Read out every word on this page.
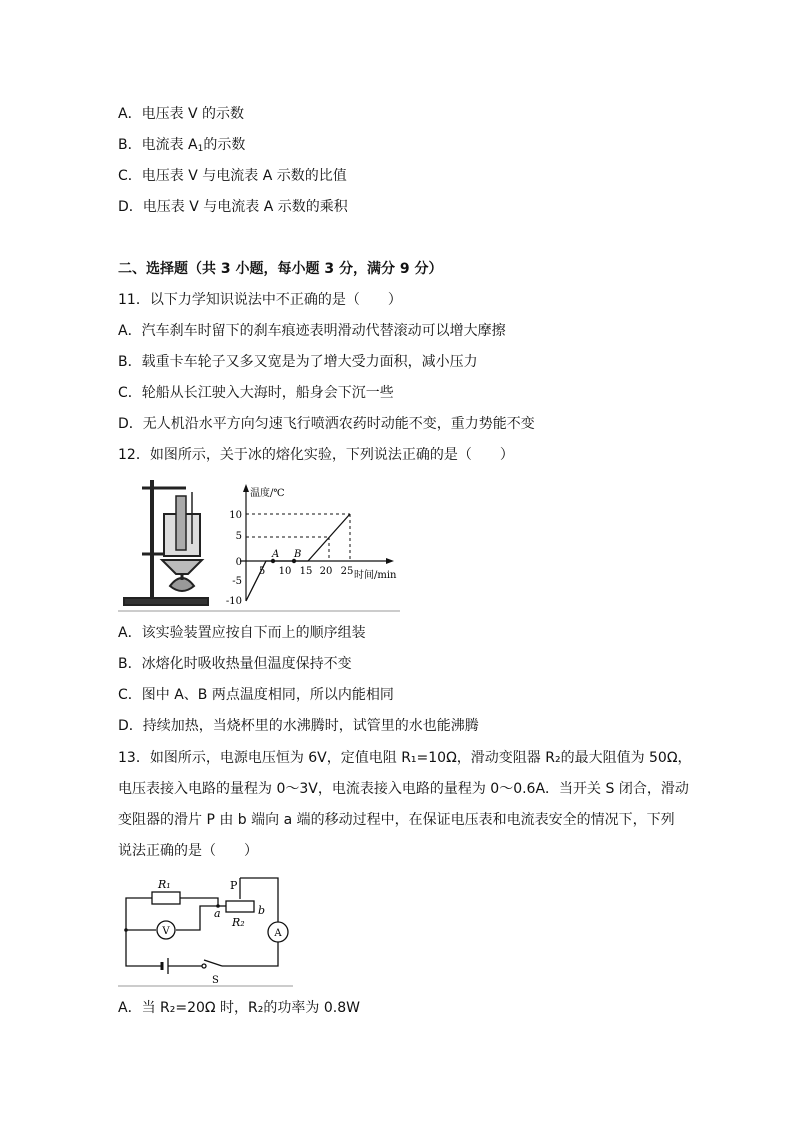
A．电压表 V 的示数
B．电流表 $A_1$的示数
C．电压表 V 与电流表 A 示数的比值
D．电压表 V 与电流表 A 示数的乘积
二、选择题（共 3 小题，每小题 3 分，满分 9 分）
11．以下力学知识说法中不正确的是（　　）
A．汽车刹车时留下的刹车痕迹表明滑动代替滚动可以增大摩擦
B．载重卡车轮子又多又宽是为了增大受力面积，减小压力
C．轮船从长江驶入大海时，船身会下沉一些
D．无人机沿水平方向匀速飞行喷洒农药时动能不变，重力势能不变
12．如图所示，关于冰的熔化实验，下列说法正确的是（　　）
温度/℃
时间/min
10
5
0
-5
-10
5 10 15 20 25
A B
A．该实验装置应按自下而上的顺序组装
B．冰熔化时吸收热量但温度保持不变
C．图中 A、B 两点温度相同，所以内能相同
D．持续加热，当烧杯里的水沸腾时，试管里的水也能沸腾
13．如图所示，电源电压恒为 6V，定值电阻 R₁=10Ω，滑动变阻器 R₂的最大阻值为 50Ω，
电压表接入电路的量程为 0～3V，电流表接入电路的量程为 0～0.6A．当开关 S 闭合，滑动
变阻器的滑片 P 由 b 端向 a 端的移动过程中，在保证电压表和电流表安全的情况下，下列
说法正确的是（　　）
R₁	P
a	b
R₂
V	A
S
A．当 R₂=20Ω 时，R₂的功率为 0.8W
